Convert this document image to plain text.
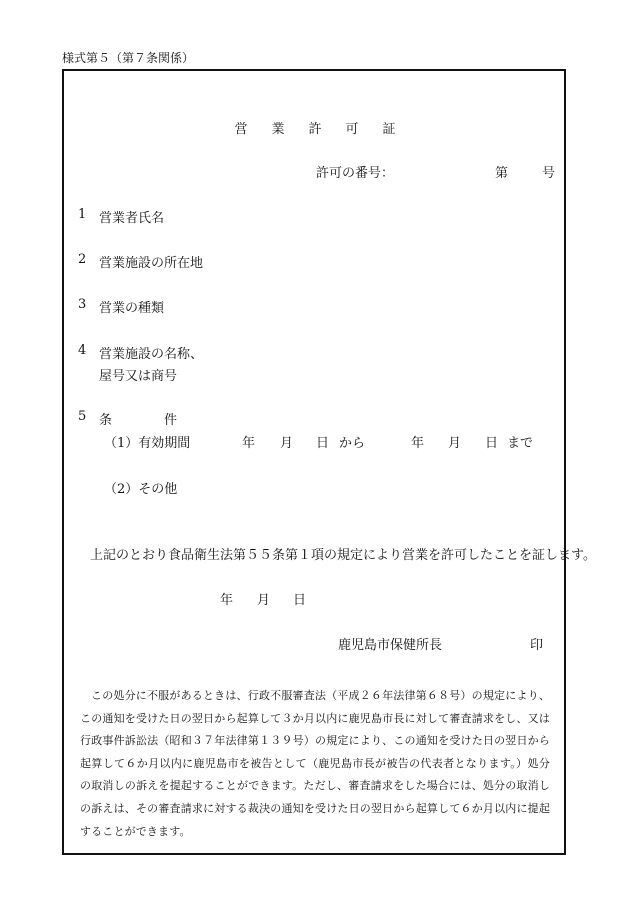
様式第５（第７条関係）
営業許可証
許可の番号：	第	号
1 営業者氏名
2 営業施設の所在地
3 営業の種類
4 営業施設の名称、
屋号又は商号
5 条　　　　件
（1）有効期間	年 月 日 から	年 月 日 まで
（2）その他
上記のとおり食品衛生法第５５条第１項の規定により営業を許可したことを証します。
年 月 日
鹿児島市保健所長	印
この処分に不服があるときは、行政不服審査法（平成２６年法律第６８号）の規定により、この通知を受けた日の翌日から起算して３か月以内に鹿児島市長に対して審査請求をし、又は行政事件訴訟法（昭和３７年法律第１３９号）の規定により、この通知を受けた日の翌日から起算して６か月以内に鹿児島市を被告として（鹿児島市長が被告の代表者となります。）処分の取消しの訴えを提起することができます。ただし、審査請求をした場合には、処分の取消しの訴えは、その審査請求に対する裁決の通知を受けた日の翌日から起算して６か月以内に提起することができます。
